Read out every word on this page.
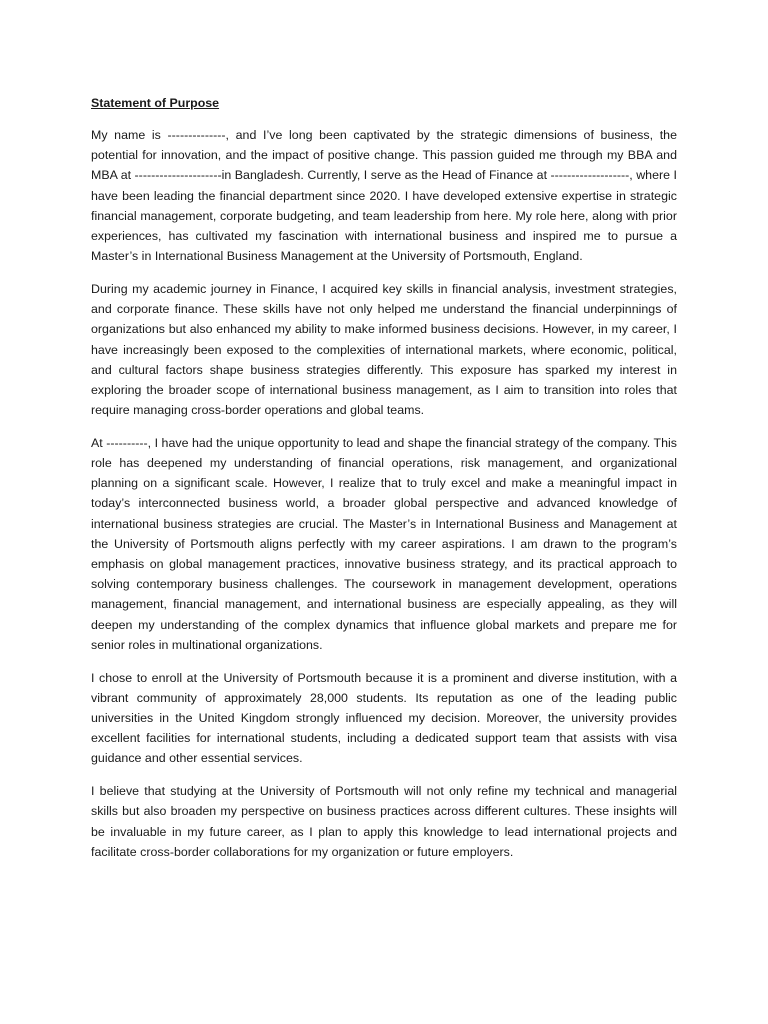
Statement of Purpose

My name is --------------, and I’ve long been captivated by the strategic dimensions of business, the potential for innovation, and the impact of positive change. This passion guided me through my BBA and MBA at ---------------------in Bangladesh. Currently, I serve as the Head of Finance at -------------------, where I have been leading the financial department since 2020. I have developed extensive expertise in strategic financial management, corporate budgeting, and team leadership from here. My role here, along with prior experiences, has cultivated my fascination with international business and inspired me to pursue a Master’s in International Business Management at the University of Portsmouth, England.

During my academic journey in Finance, I acquired key skills in financial analysis, investment strategies, and corporate finance. These skills have not only helped me understand the financial underpinnings of organizations but also enhanced my ability to make informed business decisions. However, in my career, I have increasingly been exposed to the complexities of international markets, where economic, political, and cultural factors shape business strategies differently. This exposure has sparked my interest in exploring the broader scope of international business management, as I aim to transition into roles that require managing cross-border operations and global teams.

At ----------, I have had the unique opportunity to lead and shape the financial strategy of the company. This role has deepened my understanding of financial operations, risk management, and organizational planning on a significant scale. However, I realize that to truly excel and make a meaningful impact in today’s interconnected business world, a broader global perspective and advanced knowledge of international business strategies are crucial. The Master’s in International Business and Management at the University of Portsmouth aligns perfectly with my career aspirations. I am drawn to the program’s emphasis on global management practices, innovative business strategy, and its practical approach to solving contemporary business challenges. The coursework in management development, operations management, financial management, and international business are especially appealing, as they will deepen my understanding of the complex dynamics that influence global markets and prepare me for senior roles in multinational organizations.

I chose to enroll at the University of Portsmouth because it is a prominent and diverse institution, with a vibrant community of approximately 28,000 students. Its reputation as one of the leading public universities in the United Kingdom strongly influenced my decision. Moreover, the university provides excellent facilities for international students, including a dedicated support team that assists with visa guidance and other essential services.

I believe that studying at the University of Portsmouth will not only refine my technical and managerial skills but also broaden my perspective on business practices across different cultures. These insights will be invaluable in my future career, as I plan to apply this knowledge to lead international projects and facilitate cross-border collaborations for my organization or future employers.
